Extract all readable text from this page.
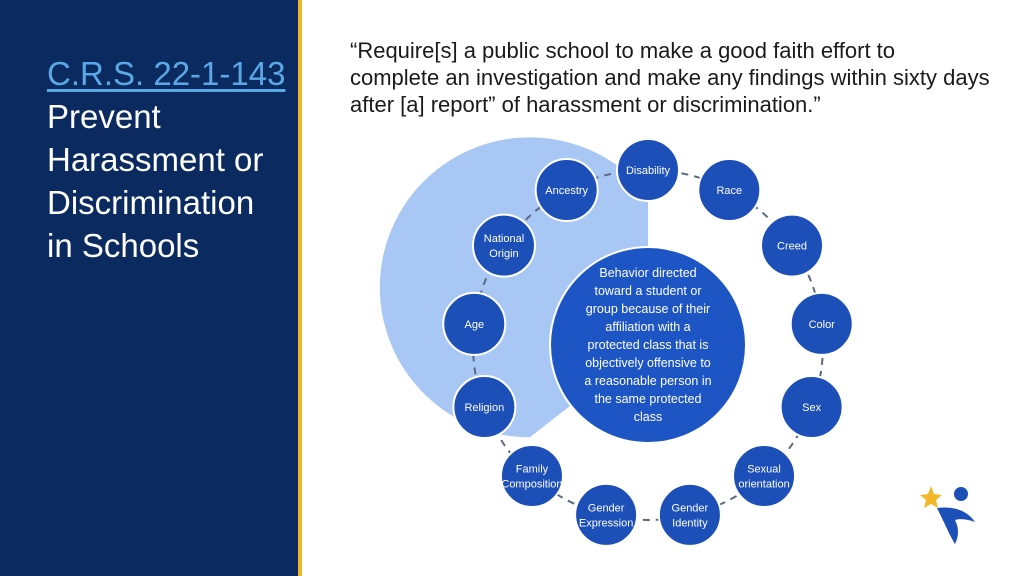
C.R.S. 22-1-143
Prevent Harassment or Discrimination in Schools
“Require[s] a public school to make a good faith effort to complete an investigation and make any findings within sixty days after [a] report” of harassment or discrimination.”
Behavior directed toward a student or group because of their affiliation with a protected class that is objectively offensive to a reasonable person in the same protected class
Disability
Race
Creed
Color
Sex
Sexual orientation
Gender Identity
Gender Expression
Family Composition
Religion
Age
National Origin
Ancestry
